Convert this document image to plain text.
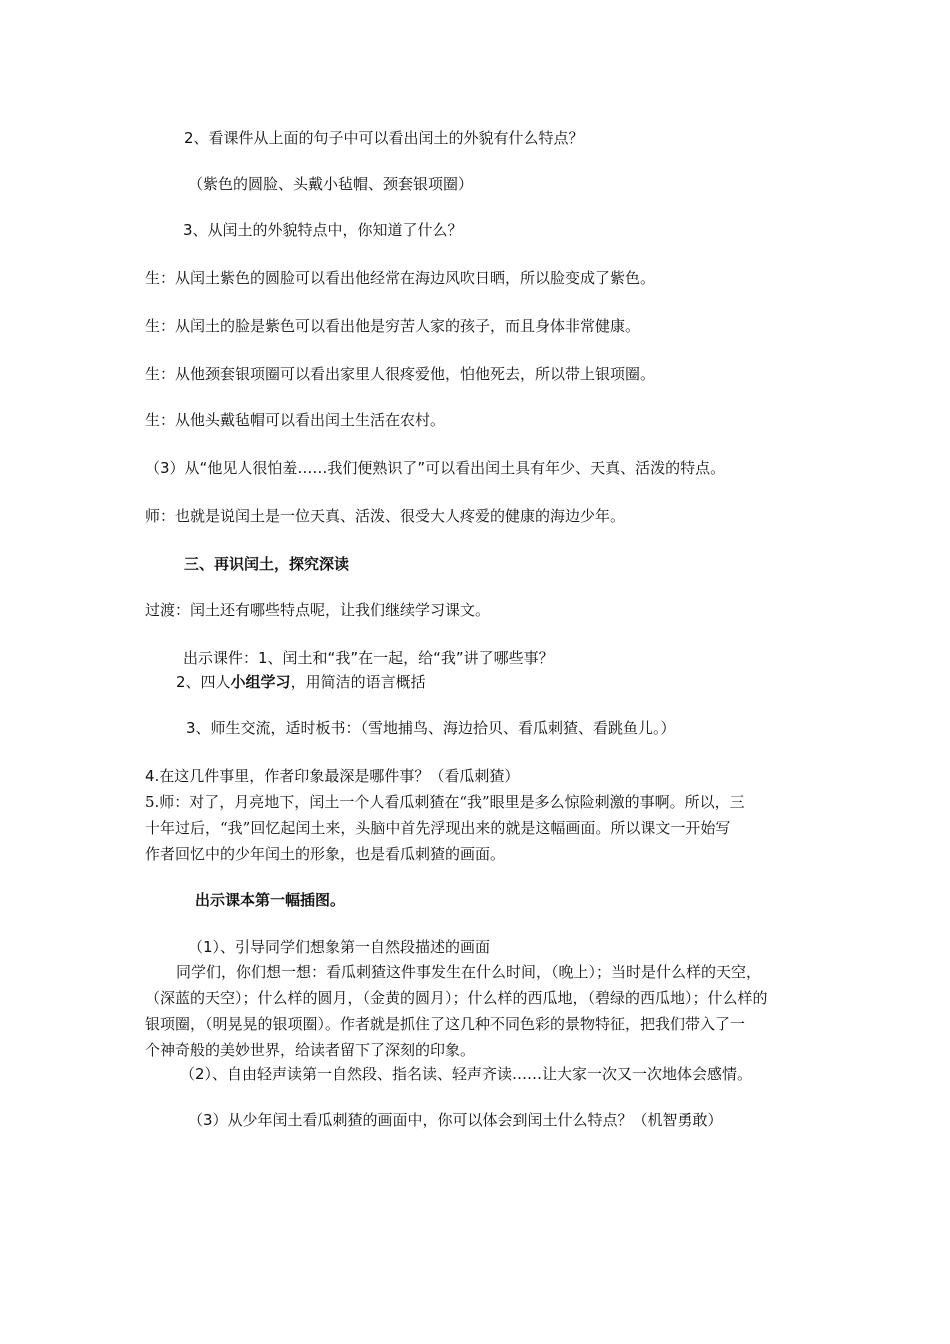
2、看课件从上面的句子中可以看出闰土的外貌有什么特点？
（紫色的圆脸、头戴小毡帽、颈套银项圈）
3、从闰土的外貌特点中，你知道了什么？
生：从闰土紫色的圆脸可以看出他经常在海边风吹日晒，所以脸变成了紫色。
生：从闰土的脸是紫色可以看出他是穷苦人家的孩子，而且身体非常健康。
生：从他颈套银项圈可以看出家里人很疼爱他，怕他死去，所以带上银项圈。
生：从他头戴毡帽可以看出闰土生活在农村。
（3）从“他见人很怕羞……我们便熟识了”可以看出闰土具有年少、天真、活泼的特点。
师：也就是说闰土是一位天真、活泼、很受大人疼爱的健康的海边少年。
三、再识闰土，探究深读
过渡：闰土还有哪些特点呢，让我们继续学习课文。
出示课件：1、闰土和“我”在一起，给“我”讲了哪些事？
2、四人小组学习，用简洁的语言概括
3、师生交流，适时板书：（雪地捕鸟、海边拾贝、看瓜刺猹、看跳鱼儿。）
4.在这几件事里，作者印象最深是哪件事？（看瓜刺猹）
5.师：对了，月亮地下，闰土一个人看瓜刺猹在“我”眼里是多么惊险刺激的事啊。所以，三
十年过后，“我”回忆起闰土来，头脑中首先浮现出来的就是这幅画面。所以课文一开始写
作者回忆中的少年闰土的形象，也是看瓜刺猹的画面。
出示课本第一幅插图。
（1）、引导同学们想象第一自然段描述的画面
同学们，你们想一想：看瓜刺猹这件事发生在什么时间，（晚上）；当时是什么样的天空，
（深蓝的天空）；什么样的圆月，（金黄的圆月）；什么样的西瓜地，（碧绿的西瓜地）；什么样的
银项圈，（明晃晃的银项圈）。作者就是抓住了这几种不同色彩的景物特征，把我们带入了一
个神奇般的美妙世界，给读者留下了深刻的印象。
（2）、自由轻声读第一自然段、指名读、轻声齐读……让大家一次又一次地体会感情。
（3）从少年闰土看瓜刺猹的画面中，你可以体会到闰土什么特点？（机智勇敢）
